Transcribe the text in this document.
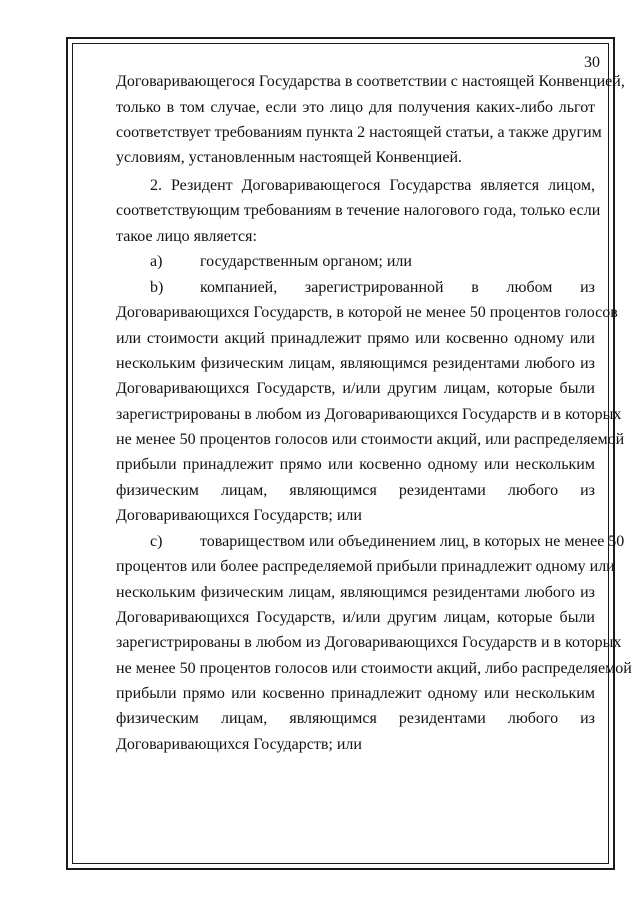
30
Договаривающегося Государства в соответствии с настоящей Конвенцией,
только в том случае, если это лицо для получения каких-либо льгот
соответствует требованиям пункта 2 настоящей статьи, а также другим
условиям, установленным настоящей Конвенцией.
2. Резидент Договаривающегося Государства является лицом,
соответствующим требованиям в течение налогового года, только если
такое лицо является:
a)	государственным органом; или
b)	компанией, зарегистрированной в любом из
Договаривающихся Государств, в которой не менее 50 процентов голосов
или стоимости акций принадлежит прямо или косвенно одному или
нескольким физическим лицам, являющимся резидентами любого из
Договаривающихся Государств, и/или другим лицам, которые были
зарегистрированы в любом из Договаривающихся Государств и в которых
не менее 50 процентов голосов или стоимости акций, или распределяемой
прибыли принадлежит прямо или косвенно одному или нескольким
физическим лицам, являющимся резидентами любого из
Договаривающихся Государств; или
c)	товариществом или объединением лиц, в которых не менее 50
процентов или более распределяемой прибыли принадлежит одному или
нескольким физическим лицам, являющимся резидентами любого из
Договаривающихся Государств, и/или другим лицам, которые были
зарегистрированы в любом из Договаривающихся Государств и в которых
не менее 50 процентов голосов или стоимости акций, либо распределяемой
прибыли прямо или косвенно принадлежит одному или нескольким
физическим лицам, являющимся резидентами любого из
Договаривающихся Государств; или
